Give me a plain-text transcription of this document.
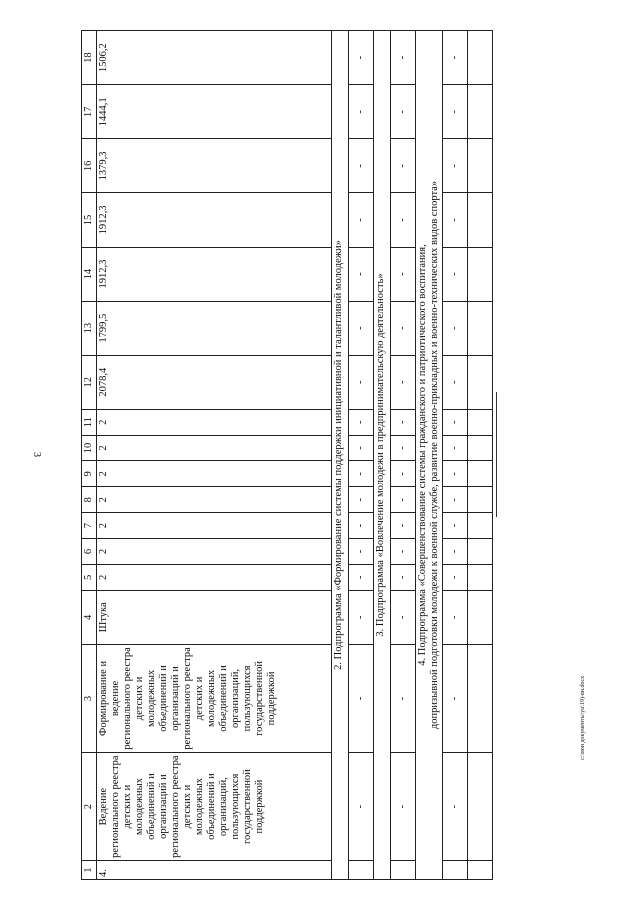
3
c:\мои документы\yu\19)-вн.docx
1	2	3	4	5	6	7	8	9	10	11	12	13	14	15	16	17	18
4.	Ведение регионального реестра детских и молодежных объединений и организаций и регионального реестра детских и молодежных объединений и организаций, пользующихся государственной поддержкой	Формирование и ведение регионального реестра детских и молодежных объединений и организаций и регионального реестра детских и молодежных объединений и организаций, пользующихся государственной поддержкой	Штука	2	2	2	2	2	2	2	2078,4	1799,5	1912,3	1912,3	1379,3	1444,1	1506,2
2. Подпрограмма «Формирование системы поддержки инициативной и талантливой молодежи»																	
	-	-	-	-	-	-	-	-	-	-	-	-	-	-	-	-	-
3. Подпрограмма «Вовлечение молодежи в предпринимательскую деятельность»																	
	-	-	-	-	-	-	-	-	-	-	-	-	-	-	-	-	-
4. Подпрограмма «Совершенствование системы гражданского и патриотического воспитания,
допризывной подготовки молодежи к военной службе, развитие военно-прикладных и военно-технических видов спорта»																	
	-	-	-	-	-	-	-	-	-	-	-	-	-	-	-	-	-
